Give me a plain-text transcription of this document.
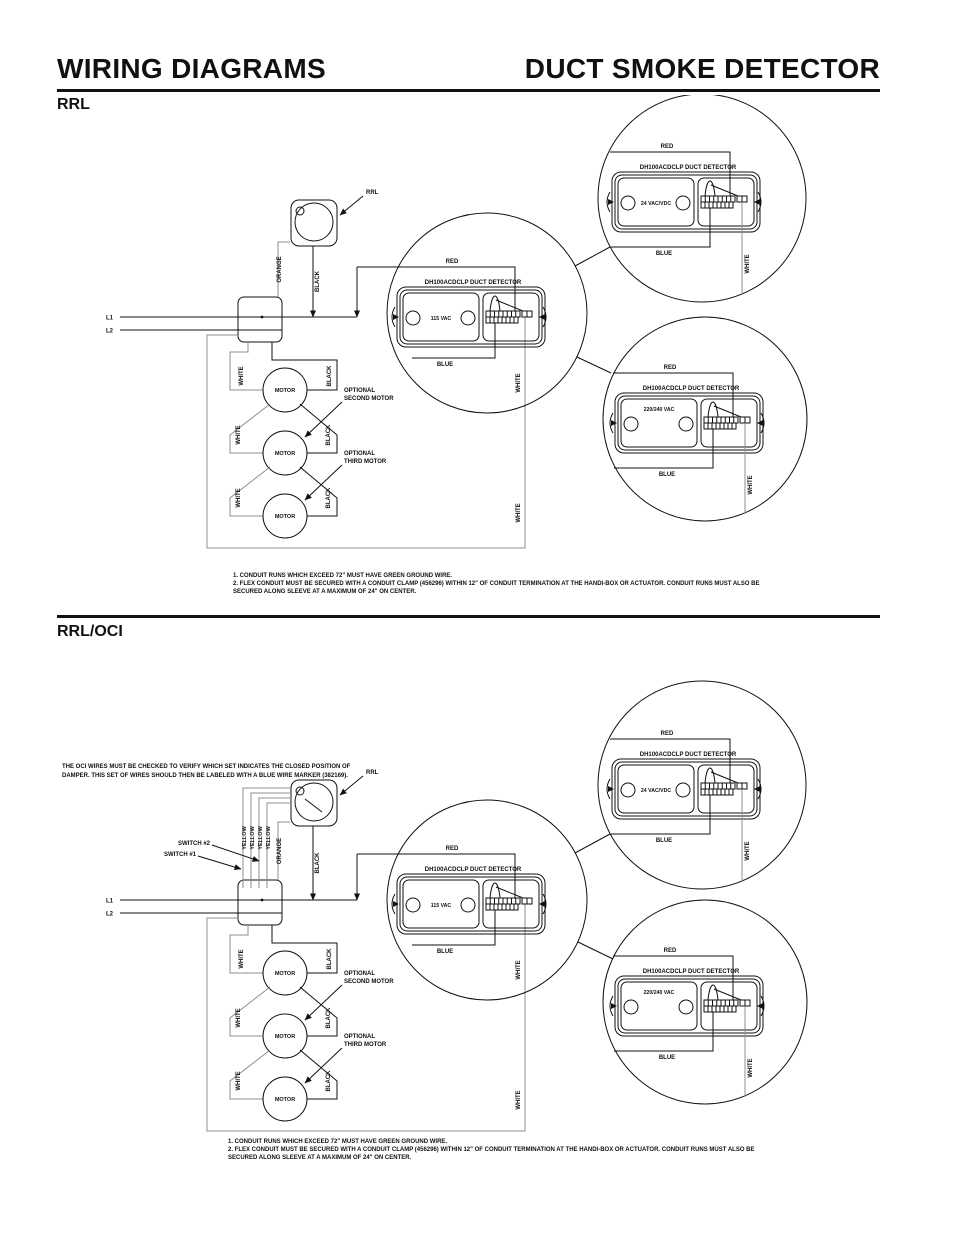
WIRING DIAGRAMS	DUCT SMOKE DETECTOR
RRL
L1
L2
RRL
ORANGE	BLACK
WHITE
WHITE	BLACK
MOTOR
WHITE	BLACK
MOTOR
WHITE	BLACK
MOTOR
OPTIONAL
SECOND MOTOR
OPTIONAL
THIRD MOTOR
115 VAC
DH100ACDCLP DUCT DETECTOR
RED
BLUE
WHITE
24 VAC/VDC
DH100ACDCLP DUCT DETECTOR
RED
BLUE
WHITE
220/240 VAC
DH100ACDCLP DUCT DETECTOR
RED
BLUE
WHITE
1. CONDUIT RUNS WHICH EXCEED 72" MUST HAVE GREEN GROUND WIRE.
2. FLEX CONDUIT MUST BE SECURED WITH A CONDUIT CLAMP (456296) WITHIN 12" OF CONDUIT TERMINATION AT THE HANDI-BOX OR ACTUATOR. CONDUIT RUNS MUST ALSO BE
SECURED ALONG SLEEVE AT A MAXIMUM OF 24" ON CENTER.
RRL/OCI
THE OCI WIRES MUST BE CHECKED TO VERIFY WHICH SET INDICATES THE CLOSED POSITION OF
DAMPER. THIS SET OF WIRES SHOULD THEN BE LABELED WITH A BLUE WIRE MARKER (382169).
L1
L2
RRL
ORANGE	BLACK
WHITE
WHITE	BLACK
MOTOR
WHITE	BLACK
MOTOR
WHITE	BLACK
MOTOR
OPTIONAL
SECOND MOTOR
OPTIONAL
THIRD MOTOR
YELLOW YELLOW YELLOW YELLOW
SWITCH #2
SWITCH #1
115 VAC
DH100ACDCLP DUCT DETECTOR
RED
BLUE
WHITE
24 VAC/VDC
DH100ACDCLP DUCT DETECTOR
RED
BLUE
WHITE
220/240 VAC
DH100ACDCLP DUCT DETECTOR
RED
BLUE
WHITE
1. CONDUIT RUNS WHICH EXCEED 72" MUST HAVE GREEN GROUND WIRE.
2. FLEX CONDUIT MUST BE SECURED WITH A CONDUIT CLAMP (456296) WITHIN 12" OF CONDUIT TERMINATION AT THE HANDI-BOX OR ACTUATOR. CONDUIT RUNS MUST ALSO BE
SECURED ALONG SLEEVE AT A MAXIMUM OF 24" ON CENTER.
